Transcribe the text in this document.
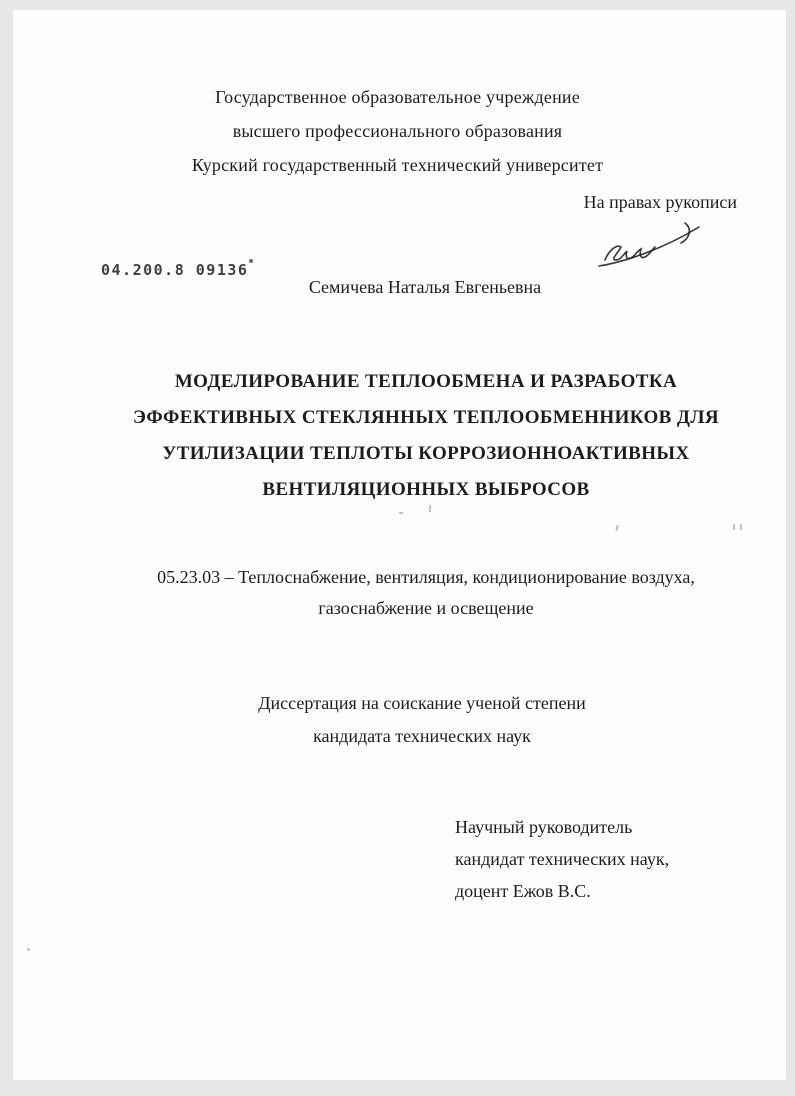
Государственное образовательное учреждение
высшего профессионального образования
Курский государственный технический университет
На правах рукописи
04.200.8 09136
Семичева Наталья Евгеньевна
МОДЕЛИРОВАНИЕ ТЕПЛООБМЕНА И РАЗРАБОТКА
ЭФФЕКТИВНЫХ СТЕКЛЯННЫХ ТЕПЛООБМЕННИКОВ ДЛЯ
УТИЛИЗАЦИИ ТЕПЛОТЫ КОРРОЗИОННОАКТИВНЫХ
ВЕНТИЛЯЦИОННЫХ ВЫБРОСОВ
05.23.03 – Теплоснабжение, вентиляция, кондиционирование воздуха,
газоснабжение и освещение
Диссертация на соискание ученой степени
кандидата технических наук
Научный руководитель
кандидат технических наук,
доцент Ежов В.С.
